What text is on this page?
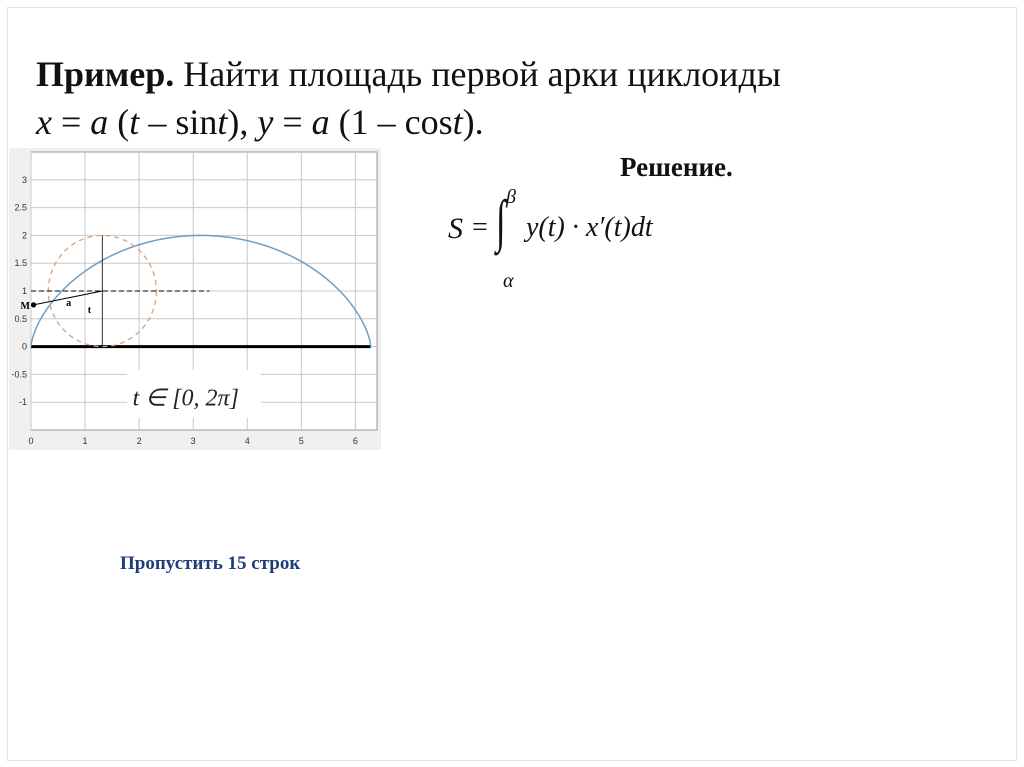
Пример. Найти площадь первой арки циклоиды
x = a (t – sint), y = a (1 – cost).
Решение.
S = ∫ β
α
y(t) · x′(t)dt
0	1	2	3	4	5	6
3
2.5
2
1.5
1
0.5
0
-0.5
-1
M	a
t
t ∈ [0, 2π]
Пропустить 15 строк
